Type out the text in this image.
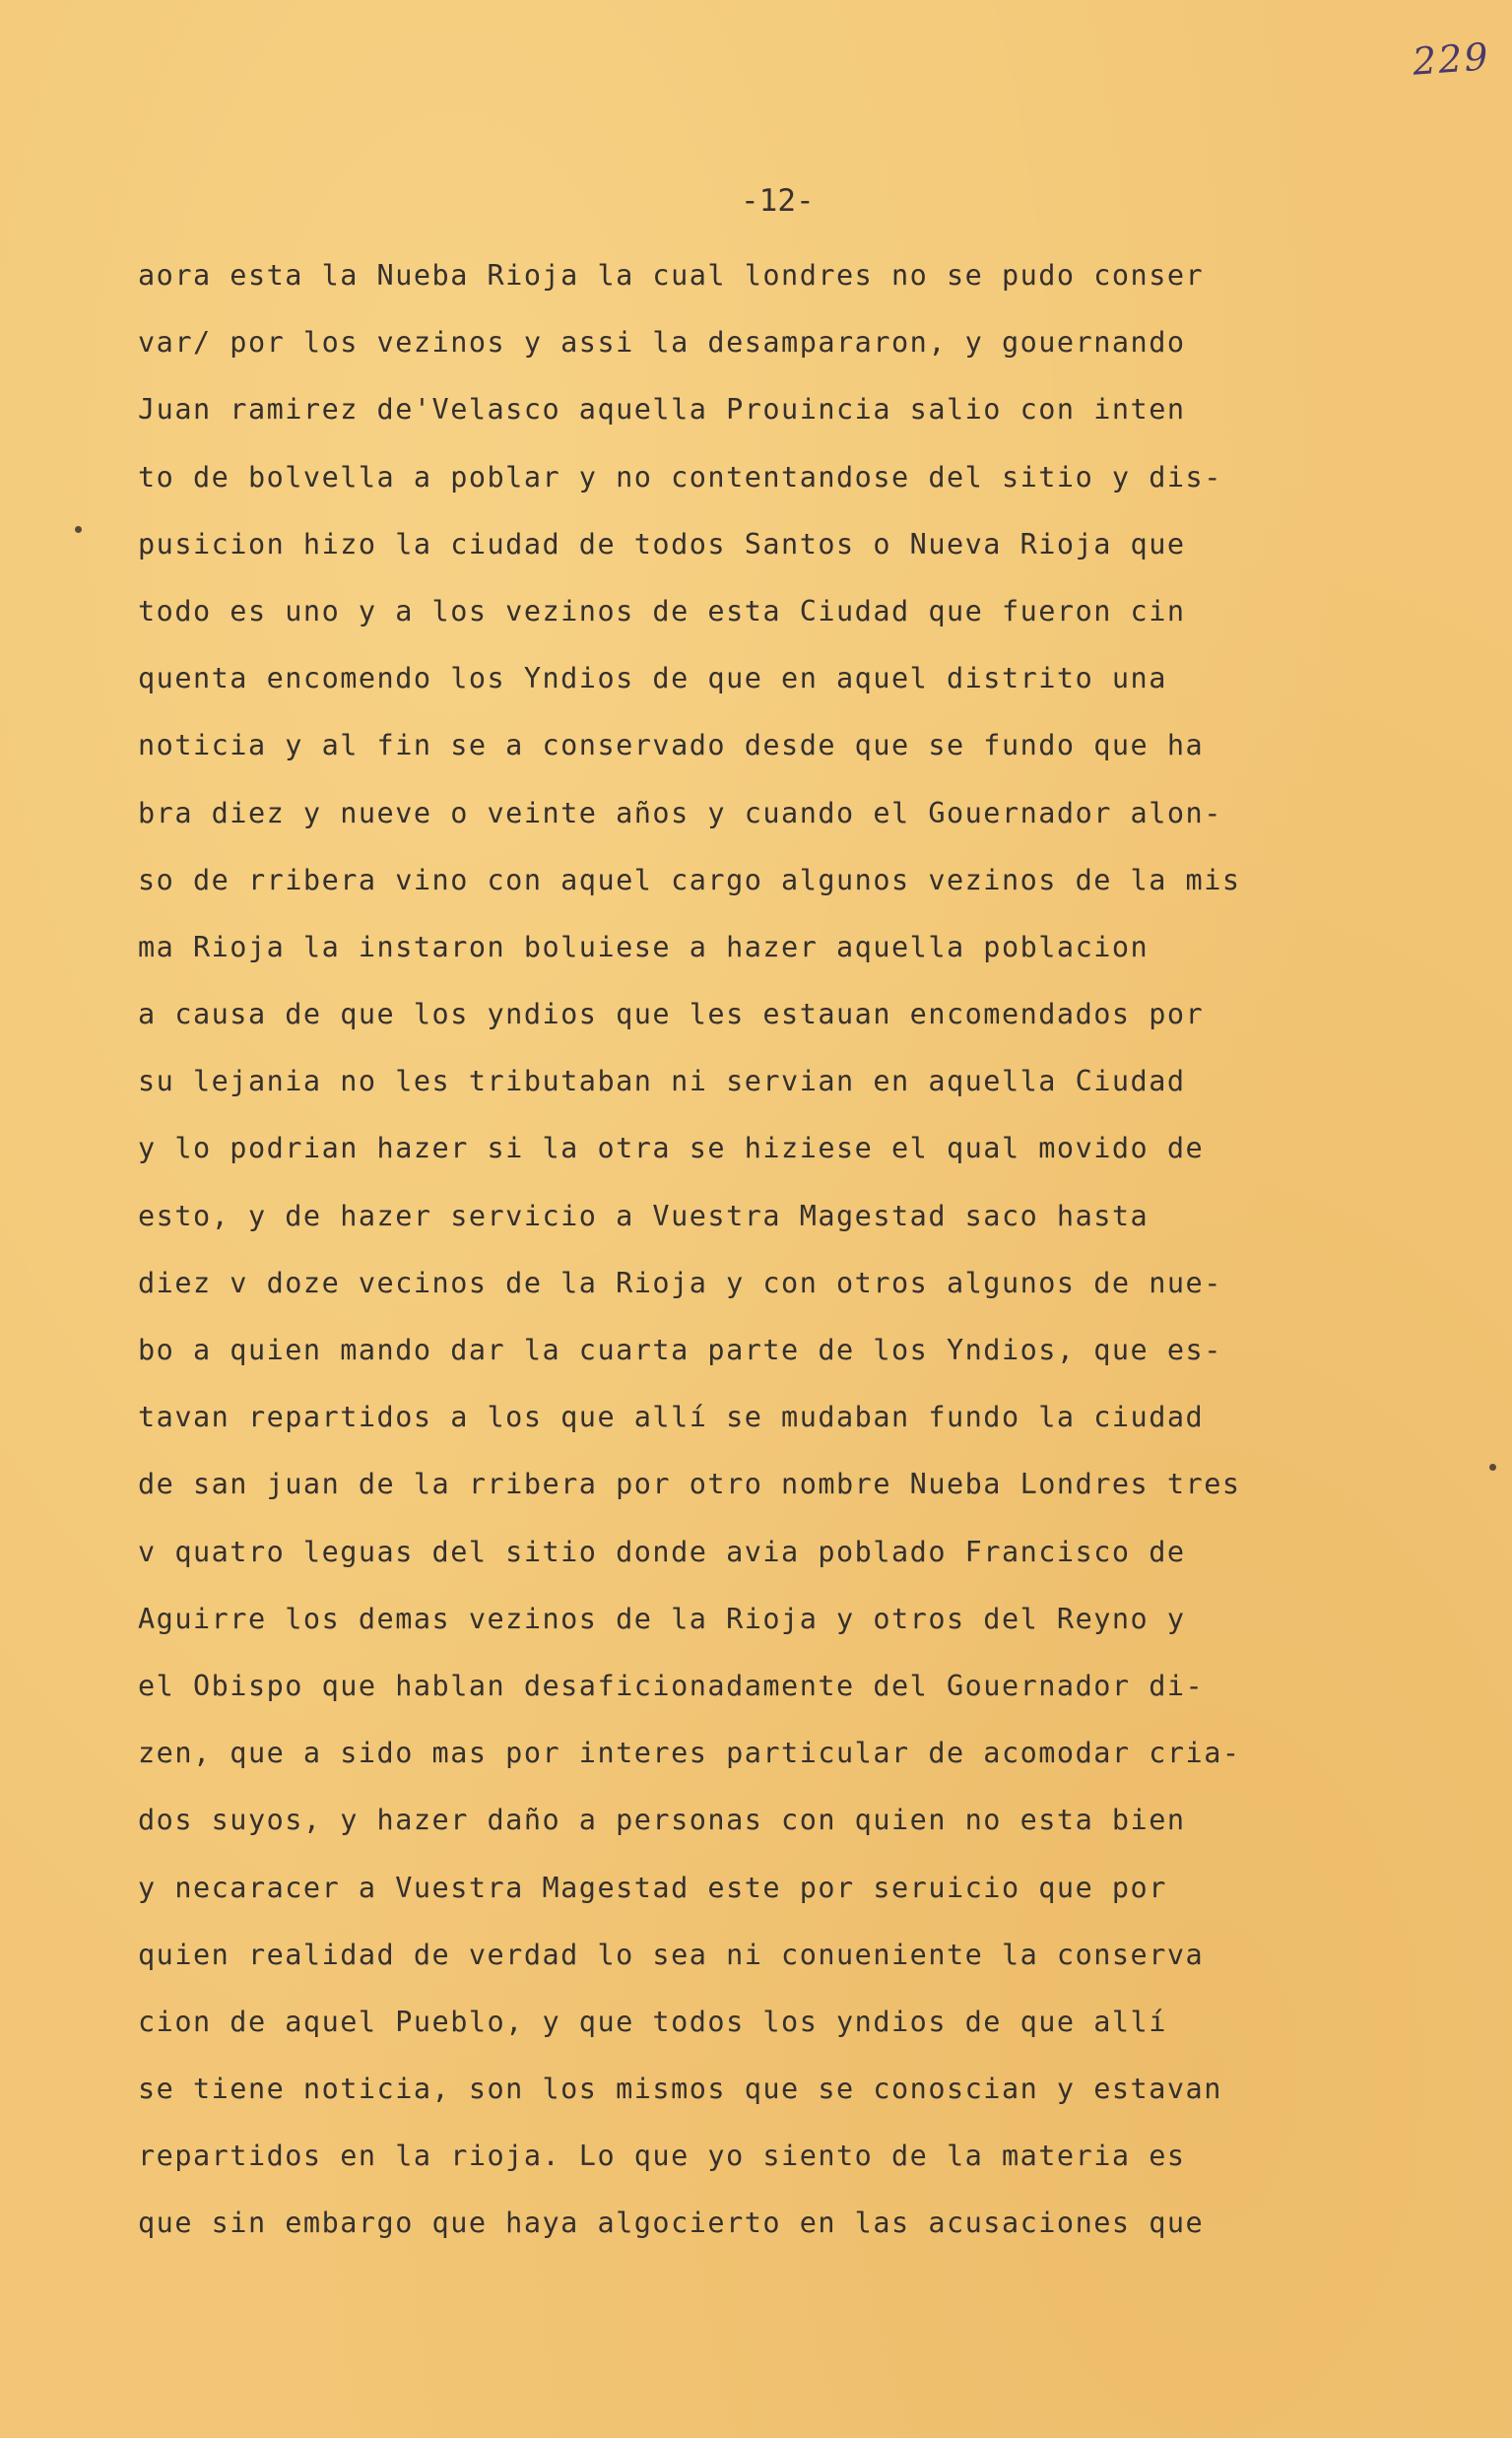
229
-12-
aora esta la Nueba Rioja la cual londres no se pudo conser
var/ por los vezinos y assi la desampararon, y gouernando
Juan ramirez de'Velasco aquella Prouincia salio con inten
to de bolvella a poblar y no contentandose del sitio y dis-
pusicion hizo la ciudad de todos Santos o Nueva Rioja que
todo es uno y a los vezinos de esta Ciudad que fueron cin
quenta encomendo los Yndios de que en aquel distrito una
noticia y al fin se a conservado desde que se fundo que ha
bra diez y nueve o veinte años y cuando el Gouernador alon-
so de rribera vino con aquel cargo algunos vezinos de la mis
ma Rioja la instaron boluiese a hazer aquella poblacion
a causa de que los yndios que les estauan encomendados por
su lejania no les tributaban ni servian en aquella Ciudad
y lo podrian hazer si la otra se hiziese el qual movido de
esto, y de hazer servicio a Vuestra Magestad saco hasta
diez v doze vecinos de la Rioja y con otros algunos de nue-
bo a quien mando dar la cuarta parte de los Yndios, que es-
tavan repartidos a los que allí se mudaban fundo la ciudad
de san juan de la rribera por otro nombre Nueba Londres tres
v quatro leguas del sitio donde avia poblado Francisco de
Aguirre los demas vezinos de la Rioja y otros del Reyno y
el Obispo que hablan desaficionadamente del Gouernador di-
zen, que a sido mas por interes particular de acomodar cria-
dos suyos, y hazer daño a personas con quien no esta bien
y necaracer a Vuestra Magestad este por seruicio que por
quien realidad de verdad lo sea ni conueniente la conserva
cion de aquel Pueblo, y que todos los yndios de que allí
se tiene noticia, son los mismos que se conoscian y estavan
repartidos en la rioja. Lo que yo siento de la materia es
que sin embargo que haya algocierto en las acusaciones que
